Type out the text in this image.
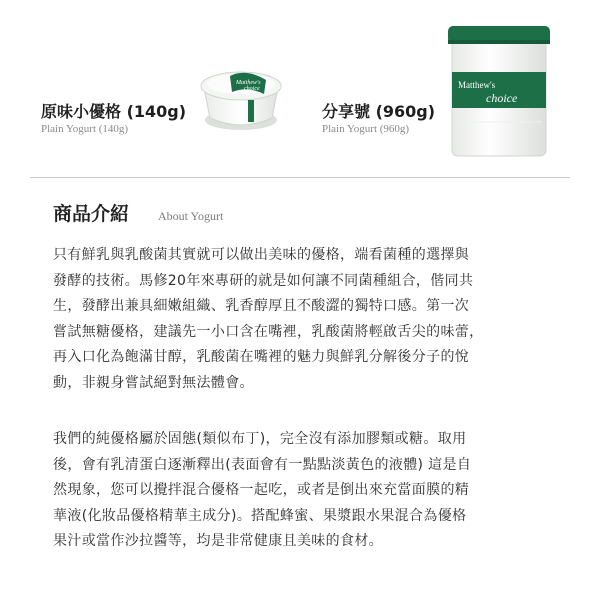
原味小優格 (140g)
Plain Yogurt (140g)
Matthew's
choice
分享號 (960g)
Plain Yogurt (960g)
Matthew's
choice
商品介紹 About Yogurt
只有鮮乳與乳酸菌其實就可以做出美味的優格，端看菌種的選擇與
發酵的技術。馬修20年來專研的就是如何讓不同菌種組合，偕同共
生，發酵出兼具細嫩組織、乳香醇厚且不酸澀的獨特口感。第一次
嘗試無糖優格，建議先一小口含在嘴裡，乳酸菌將輕啟舌尖的味蕾，
再入口化為飽滿甘醇，乳酸菌在嘴裡的魅力與鮮乳分解後分子的悅
動，非親身嘗試絕對無法體會。
我們的純優格屬於固態(類似布丁)，完全沒有添加膠類或糖。取用
後，會有乳清蛋白逐漸釋出(表面會有一點點淡黃色的液體) 這是自
然現象，您可以攪拌混合優格一起吃，或者是倒出來充當面膜的精
華液(化妝品優格精華主成分)。搭配蜂蜜、果漿跟水果混合為優格
果汁或當作沙拉醬等，均是非常健康且美味的食材。
